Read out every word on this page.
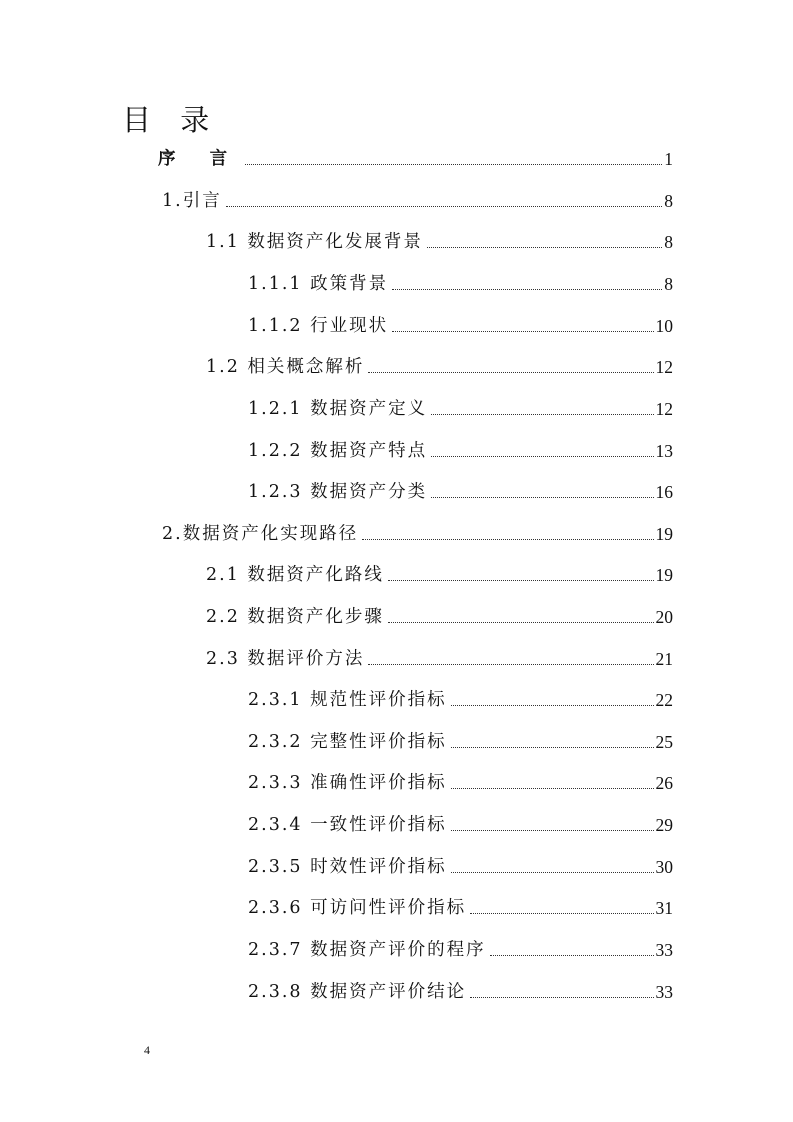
目 录
序 言	1
1.引言	8
1.1 数据资产化发展背景	8
1.1.1 政策背景	8
1.1.2 行业现状	10
1.2 相关概念解析	12
1.2.1 数据资产定义	12
1.2.2 数据资产特点	13
1.2.3 数据资产分类	16
2.数据资产化实现路径	19
2.1 数据资产化路线	19
2.2 数据资产化步骤	20
2.3 数据评价方法	21
2.3.1 规范性评价指标	22
2.3.2 完整性评价指标	25
2.3.3 准确性评价指标	26
2.3.4 一致性评价指标	29
2.3.5 时效性评价指标	30
2.3.6 可访问性评价指标	31
2.3.7 数据资产评价的程序	33
2.3.8 数据资产评价结论	33
4
